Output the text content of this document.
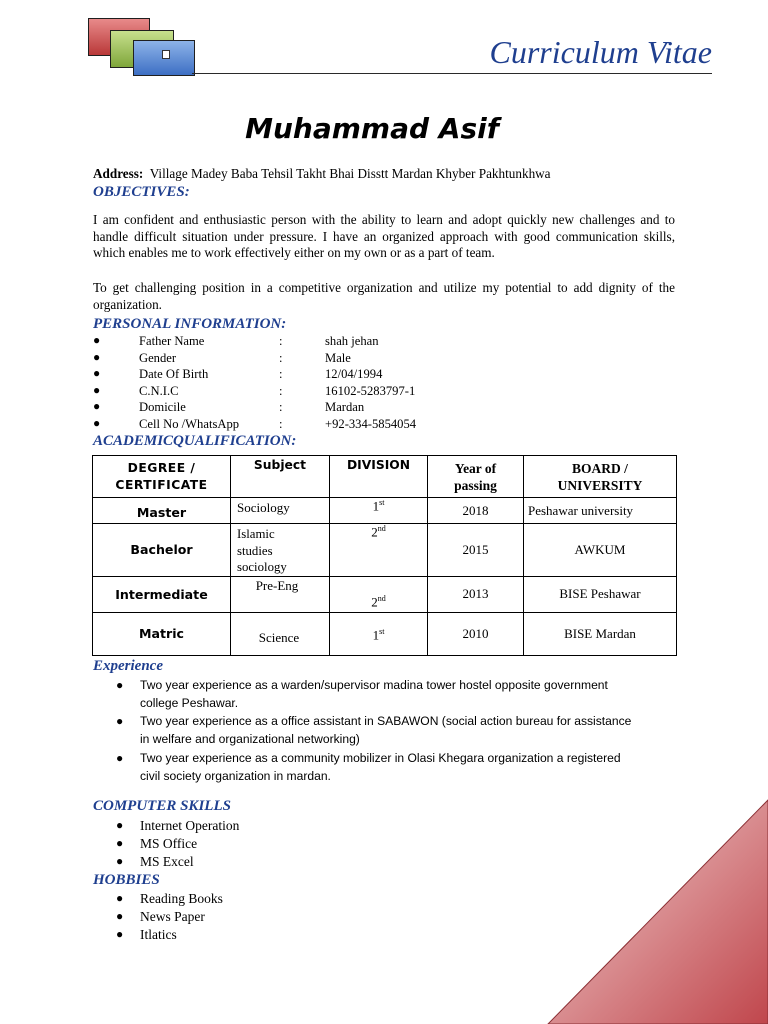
Curriculum Vitae
Muhammad Asif
Address: Village Madey Baba Tehsil Takht Bhai Disstt Mardan Khyber Pakhtunkhwa
OBJECTIVES:
I am confident and enthusiastic person with the ability to learn and adopt quickly new challenges and to handle difficult situation under pressure. I have an organized approach with good communication skills, which enables me to work effectively either on my own or as a part of team.
To get challenging position in a competitive organization and utilize my potential to add dignity of the organization.
PERSONAL INFORMATION:
●	Father Name	:	shah jehan
●	Gender	:	Male
●	Date Of Birth	:	12/04/1994
●	C.N.I.C	:	16102-5283797-1
●	Domicile	:	Mardan
●	Cell No /WhatsApp	:	+92-334-5854054
ACADEMICQUALIFICATION:
DEGREE /
CERTIFICATE	Subject	DIVISION	Year of
passing	BOARD /
UNIVERSITY
Master	Sociology	1st	2018	Peshawar university
Bachelor	Islamic
studies
sociology	2nd	2015	AWKUM
Intermediate	Pre-Eng	2nd	2013	BISE Peshawar
Matric	Science	1st	2010	BISE Mardan
Experience
● Two year experience as a warden/supervisor madina tower hostel opposite government
college Peshawar.
● Two year experience as a office assistant in SABAWON (social action bureau for assistance
in welfare and organizational networking)
● Two year experience as a community mobilizer in Olasi Khegara organization a registered
civil society organization in mardan.
COMPUTER SKILLS
● Internet Operation
● MS Office
● MS Excel
HOBBIES
● Reading Books
● News Paper
● Itlatics
